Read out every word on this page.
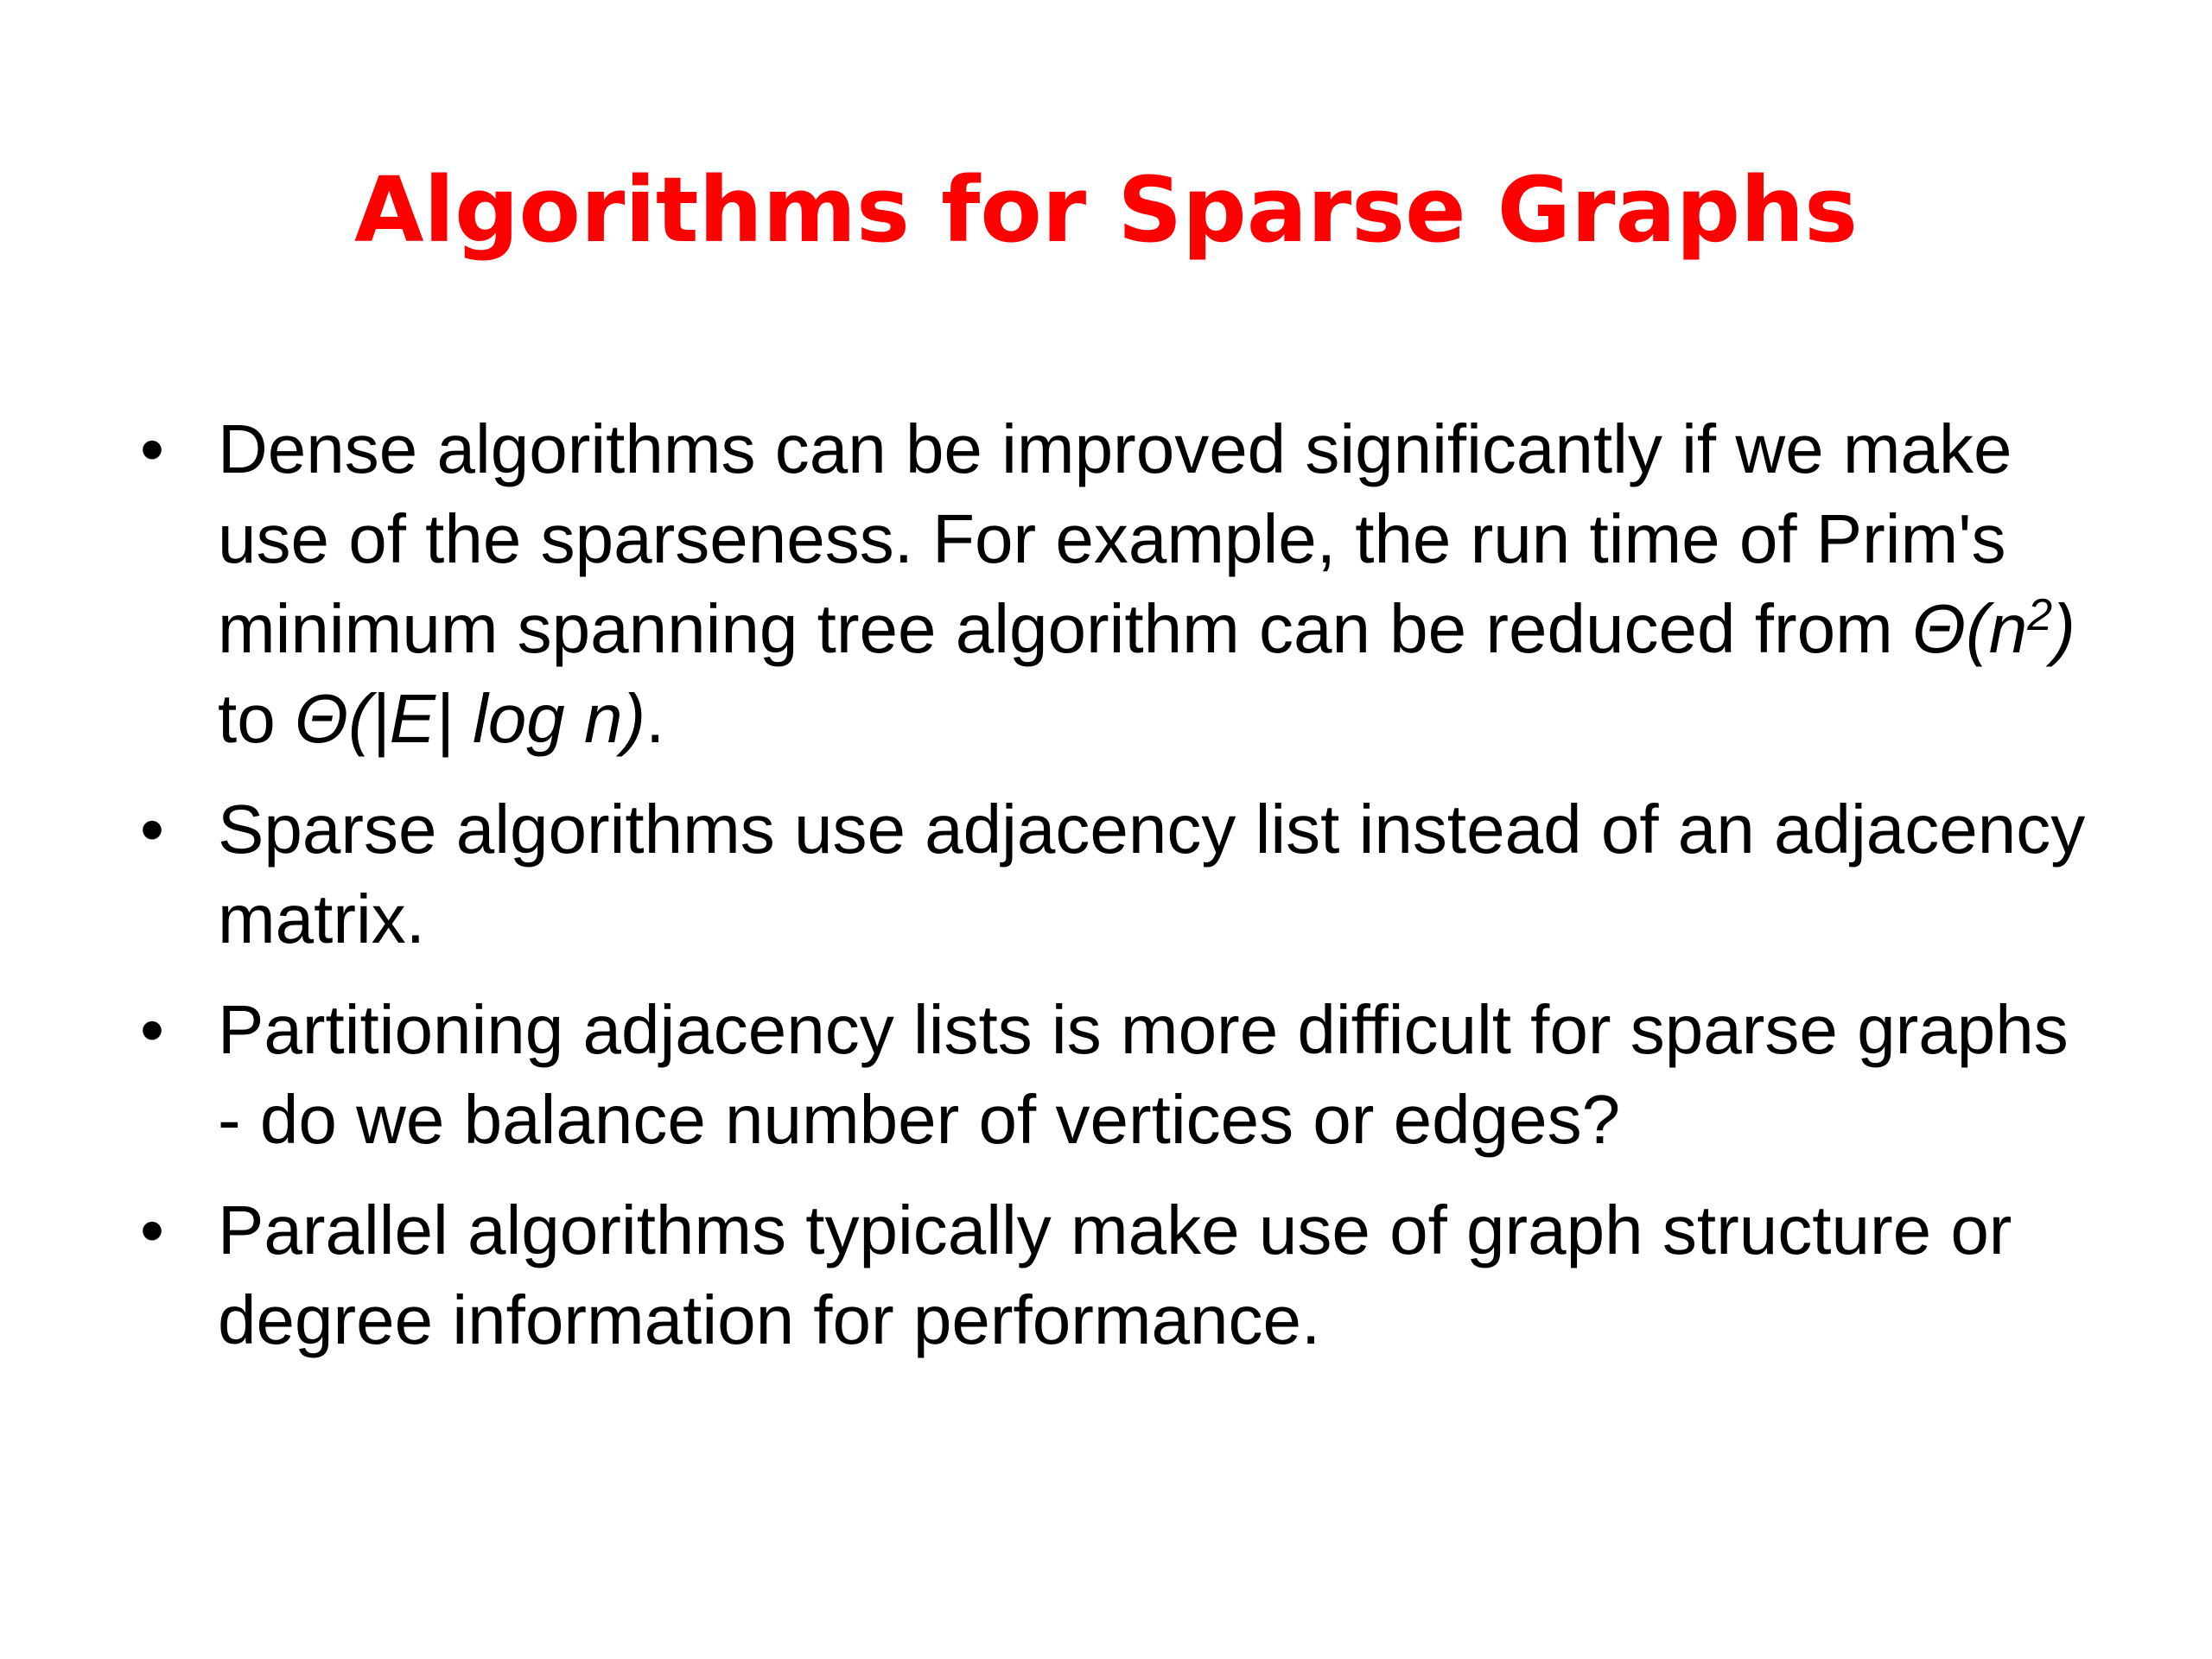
Algorithms for Sparse Graphs
• Dense algorithms can be improved significantly if we make use of the sparseness. For example, the run time of Prim's minimum spanning tree algorithm can be reduced from $\Theta(n^2)$ to Θ(|E| log n).
• Sparse algorithms use adjacency list instead of an adjacency matrix.
• Partitioning adjacency lists is more difficult for sparse graphs - do we balance number of vertices or edges?
• Parallel algorithms typically make use of graph structure or degree information for performance.
